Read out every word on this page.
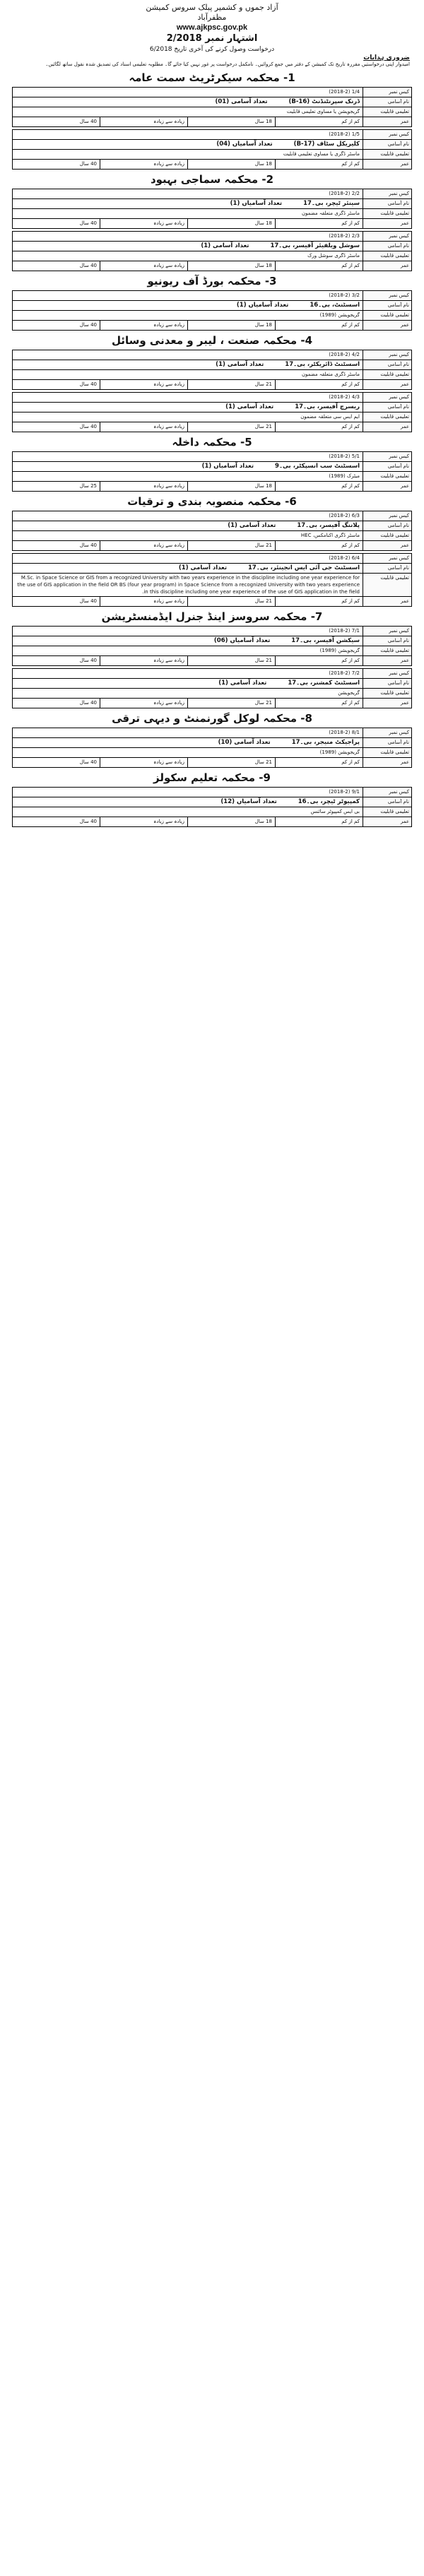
آزاد جموں و کشمیر پبلک سروس کمیشن
مظفرآباد
www.ajkpsc.gov.pk
اشتہار نمبر 2/2018
درخواست وصول کرنے کی آخری تاریخ 6/2018
ضروری ہدایات
امیدوار اپنی درخواستیں مقررہ تاریخ تک کمیشن کے دفتر میں جمع کروائیں۔ نامکمل درخواست پر غور نہیں کیا جائے گا۔ مطلوبہ تعلیمی اسناد کی تصدیق شدہ نقول ساتھ لگائیں۔
1- محکمہ سیکرٹریٹ سمت عامہ
کیس نمبر
1/4 (2018-2)
نام آسامی
ڈرنک سپرنٹنڈنٹ (B-16)تعداد آسامی (01)
تعلیمی قابلیت
گریجویشن یا مساوی تعلیمی قابلیت
عمر
کم از کم
18 سال
زیادہ سے زیادہ
40 سال
کیس نمبر
1/5 (2018-2)
نام آسامی
کلیریکل سٹاف (B-17)تعداد آسامیاں (04)
تعلیمی قابلیت
ماسٹر ڈگری یا مساوی تعلیمی قابلیت
عمر
کم از کم
18 سال
زیادہ سے زیادہ
40 سال
2- محکمہ سماجی بہبود
کیس نمبر
2/2 (2018-2)
نام آسامی
سینئر ٹیچر، بی۔17تعداد آسامیاں (1)
تعلیمی قابلیت
ماسٹر ڈگری متعلقہ مضمون
عمر
کم از کم
18 سال
زیادہ سے زیادہ
40 سال
کیس نمبر
2/3 (2018-2)
نام آسامی
سوشل ویلفیئر آفیسر، بی۔17تعداد آسامی (1)
تعلیمی قابلیت
ماسٹر ڈگری سوشل ورک
عمر
کم از کم
18 سال
زیادہ سے زیادہ
40 سال
3- محکمہ بورڈ آف ریونیو
کیس نمبر
3/2 (2018-2)
نام آسامی
اسسٹنٹ، بی۔16تعداد آسامیاں (1)
تعلیمی قابلیت
گریجویشن (1989)
عمر
کم از کم
18 سال
زیادہ سے زیادہ
40 سال
4- محکمہ صنعت ، لیبر و معدنی وسائل
کیس نمبر
4/2 (2018-2)
نام آسامی
اسسٹنٹ ڈائریکٹر، بی۔17تعداد آسامی (1)
تعلیمی قابلیت
ماسٹر ڈگری متعلقہ مضمون
عمر
کم از کم
21 سال
زیادہ سے زیادہ
40 سال
کیس نمبر
4/3 (2018-2)
نام آسامی
ریسرچ آفیسر، بی۔17تعداد آسامی (1)
تعلیمی قابلیت
ایم ایس سی متعلقہ مضمون
عمر
کم از کم
21 سال
زیادہ سے زیادہ
40 سال
5- محکمہ داخلہ
کیس نمبر
5/1 (2018-2)
نام آسامی
اسسٹنٹ سب انسپکٹر، بی۔9تعداد آسامیاں (1)
تعلیمی قابلیت
میٹرک (1989)
عمر
کم از کم
18 سال
زیادہ سے زیادہ
25 سال
6- محکمہ منصوبہ بندی و ترقیات
کیس نمبر
6/3 (2018-2)
نام آسامی
پلاننگ آفیسر، بی۔17تعداد آسامی (1)
تعلیمی قابلیت
ماسٹر ڈگری اکنامکس، HEC
عمر
کم از کم
21 سال
زیادہ سے زیادہ
40 سال
کیس نمبر
6/4 (2018-2)
نام آسامی
اسسٹنٹ جی آئی ایس انجینئر، بی۔17تعداد آسامی (1)
تعلیمی قابلیت
M.Sc. in Space Science or GIS from a recognized University with two years experience in the discipline including one year experience for the use of GIS application in the field OR BS (four year program) in Space Science from a recognized University with two years experience in this discipline including one year experience of the use of GIS application in the field.
عمر
کم از کم
21 سال
زیادہ سے زیادہ
40 سال
7- محکمہ سروسز اینڈ جنرل ایڈمنسٹریشن
کیس نمبر
7/1 (2018-2)
نام آسامی
سیکشن آفیسر، بی۔17تعداد آسامیاں (06)
تعلیمی قابلیت
گریجویشن (1989)
عمر
کم از کم
21 سال
زیادہ سے زیادہ
40 سال
کیس نمبر
7/2 (2018-2)
نام آسامی
اسسٹنٹ کمشنر، بی۔17تعداد آسامی (1)
تعلیمی قابلیت
گریجویشن
عمر
کم از کم
21 سال
زیادہ سے زیادہ
40 سال
8- محکمہ لوکل گورنمنٹ و دیہی ترقی
کیس نمبر
8/1 (2018-2)
نام آسامی
پراجیکٹ منیجر، بی۔17تعداد آسامی (10)
تعلیمی قابلیت
گریجویشن (1989)
عمر
کم از کم
21 سال
زیادہ سے زیادہ
40 سال
9- محکمہ تعلیم سکولز
کیس نمبر
9/1 (2018-2)
نام آسامی
کمپیوٹر ٹیچر، بی۔16تعداد آسامیاں (12)
تعلیمی قابلیت
بی ایس کمپیوٹر سائنس
عمر
کم از کم
18 سال
زیادہ سے زیادہ
40 سال
